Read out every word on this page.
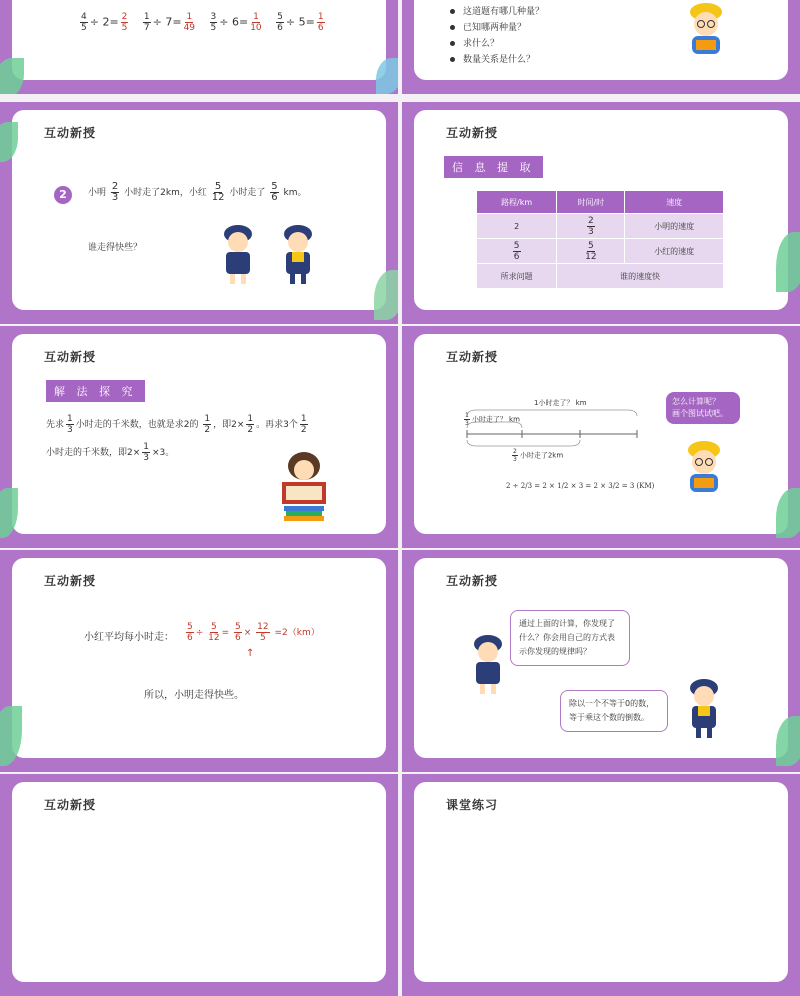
$\frac{4}{5} \div 2= \frac{2}{5}$
$\frac{1}{7} \div 7= \frac{1}{49}$
$\frac{3}{5} \div 6= \frac{1}{10}$
$\frac{5}{6} \div 5= \frac{1}{6}$	这道题有哪几种量？
已知哪两种量？
求什么？
数量关系是什么？
互动新授
2	小明 $\frac{2}{3}$ 小时走了2km，小红 $\frac{5}{12}$ 小时走了 $\frac{5}{6}$ km。
谁走得快些？
互动新授
信 息 提 取
路程/km	时间/时	速度
2	$\frac{2}{3}$	小明的速度

$\frac{5}{6}$	$\frac{5}{12}$	小红的速度
所求问题	谁的速度快	
互动新授
解 法 探 究
先求 $\frac{1}{3}$ 小时走的千米数，也就是求2的 $\frac{1}{2}$ ，即$2\times \frac{1}{2}$ 。再求3个 $\frac{1}{2}$
小时走的千米数，即$2\times \frac{1}{3} \times 3$。
互动新授
1小时走了？ km
$\frac{1}{3}$ 小时走了？ km
$\frac{2}{3}$ 小时走了2km
2 ÷ 2/3 = 2 × 1/2 × 3 = 2 × 3/2 = 3 (KM)
怎么计算呢？
画个图试试吧。
互动新授
小红平均每小时走： $\frac{5}{6} \div \frac{5}{12} = \frac{5}{6} \times \frac{12}{5} =2(km)$
↑
所以，小明走得快些。
互动新授
通过上面的计算，你发现了什么？你会用自己的方式表示你发现的规律吗？
除以一个不等于0的数，等于乘这个数的倒数。
互动新授	课堂练习
